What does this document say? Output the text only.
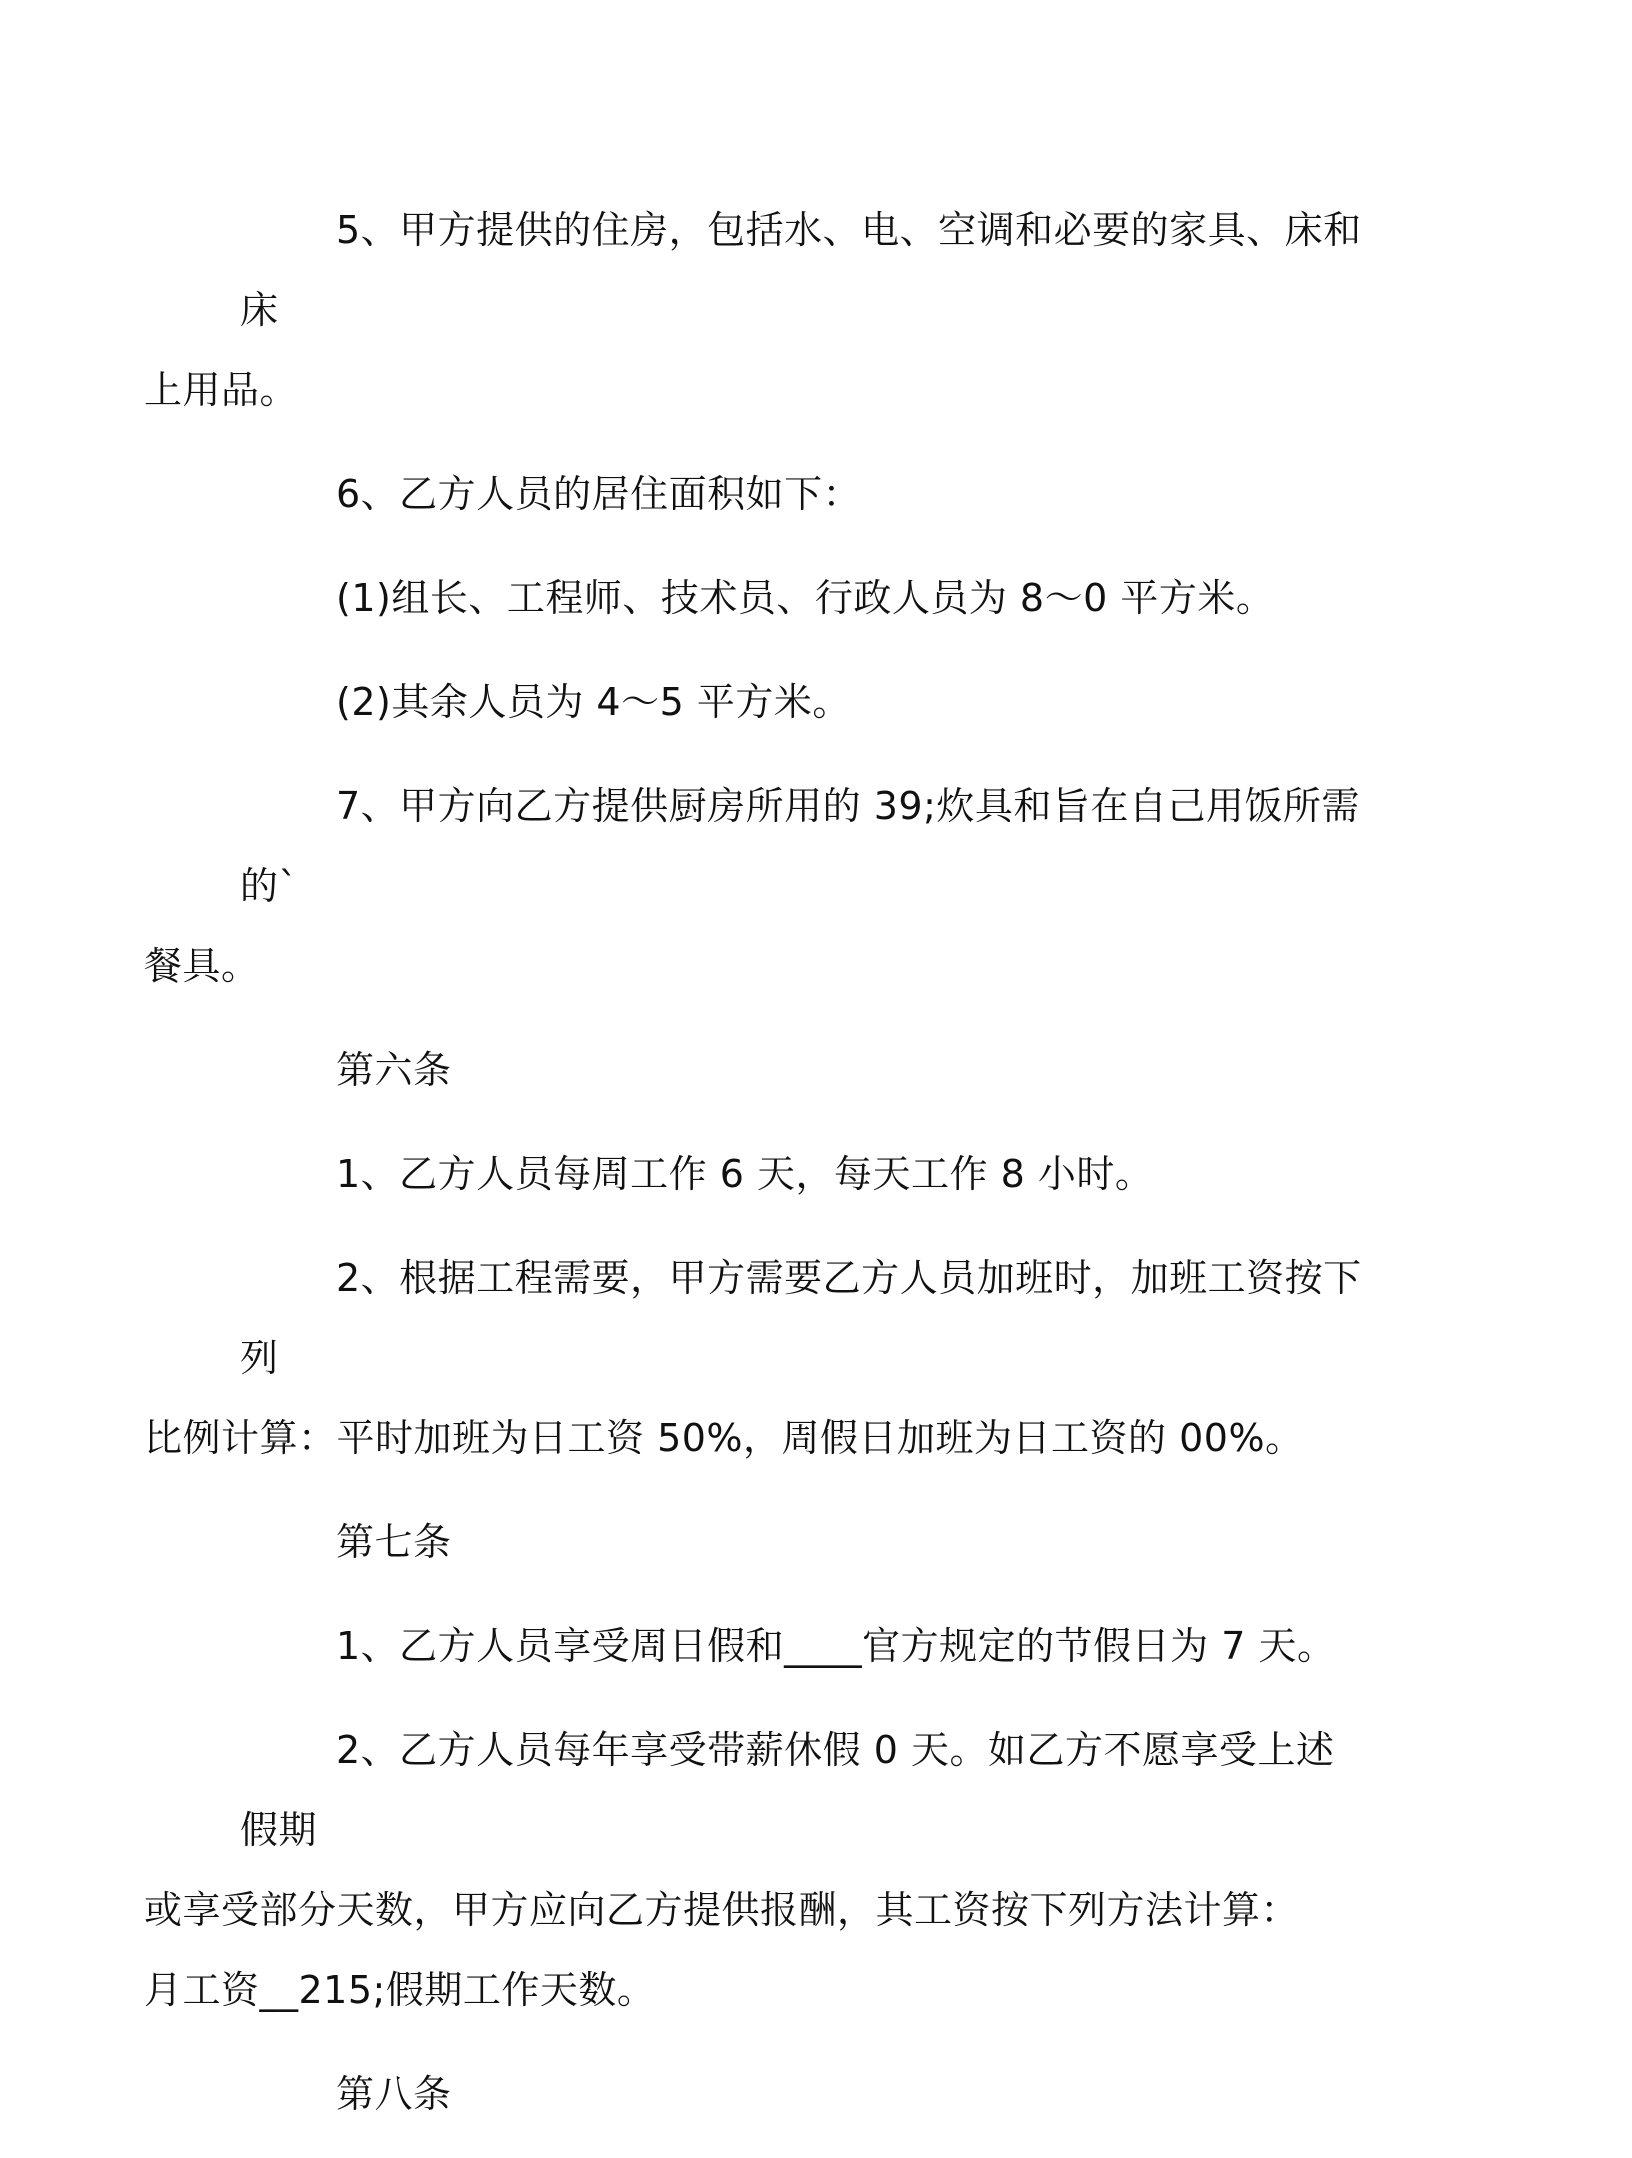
5、甲方提供的住房，包括水、电、空调和必要的家具、床和床
上用品。

6、乙方人员的居住面积如下：

(1)组长、工程师、技术员、行政人员为 8～0 平方米。

(2)其余人员为 4～5 平方米。

7、甲方向乙方提供厨房所用的 39;炊具和旨在自己用饭所需的`
餐具。

第六条

1、乙方人员每周工作 6 天，每天工作 8 小时。

2、根据工程需要，甲方需要乙方人员加班时，加班工资按下列
比例计算：平时加班为日工资 50%，周假日加班为日工资的 00%。

第七条

1、乙方人员享受周日假和____官方规定的节假日为 7 天。

2、乙方人员每年享受带薪休假 0 天。如乙方不愿享受上述假期
或享受部分天数，甲方应向乙方提供报酬，其工资按下列方法计算：
月工资__215;假期工作天数。

第八条
